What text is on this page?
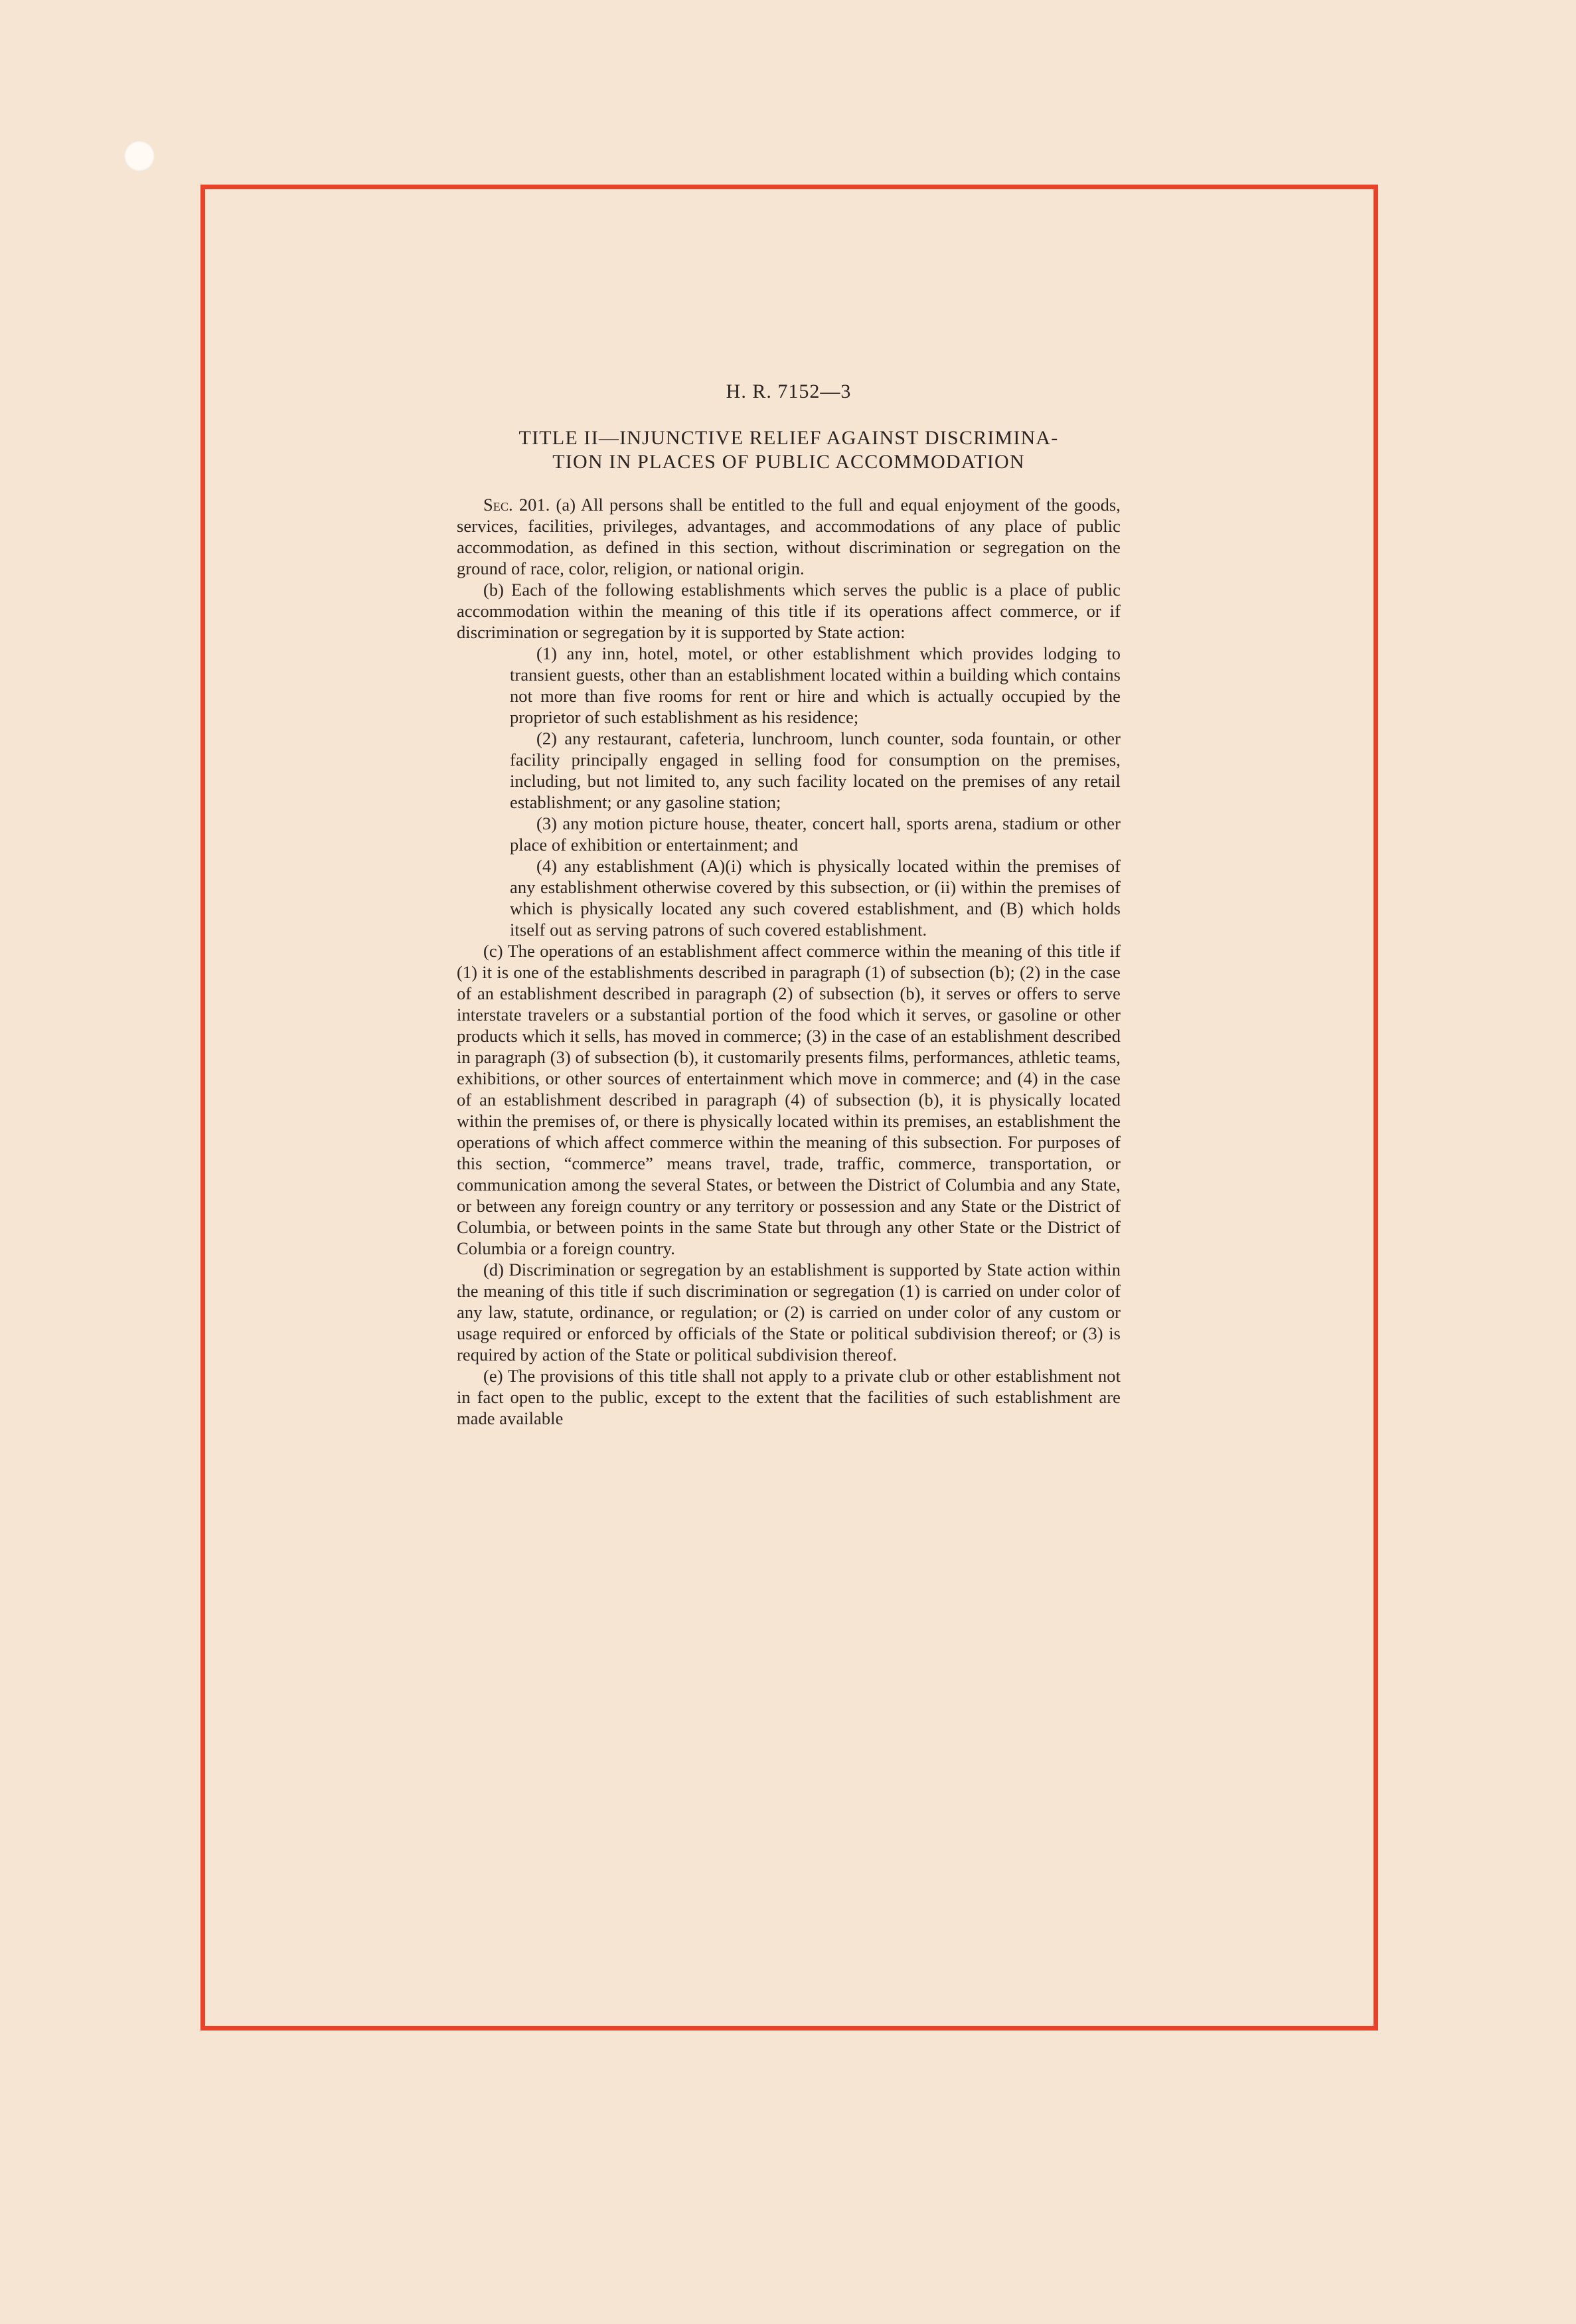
H. R. 7152—3
TITLE II—INJUNCTIVE RELIEF AGAINST DISCRIMINA-
TION IN PLACES OF PUBLIC ACCOMMODATION

Sec. 201. (a) All persons shall be entitled to the full and equal enjoyment of the goods, services, facilities, privileges, advantages, and accommodations of any place of public accommodation, as defined in this section, without discrimination or segregation on the ground of race, color, religion, or national origin.

(b) Each of the following establishments which serves the public is a place of public accommodation within the meaning of this title if its operations affect commerce, or if discrimination or segregation by it is supported by State action:

(1) any inn, hotel, motel, or other establishment which provides lodging to transient guests, other than an establishment located within a building which contains not more than five rooms for rent or hire and which is actually occupied by the proprietor of such establishment as his residence;

(2) any restaurant, cafeteria, lunchroom, lunch counter, soda fountain, or other facility principally engaged in selling food for consumption on the premises, including, but not limited to, any such facility located on the premises of any retail establishment; or any gasoline station;

(3) any motion picture house, theater, concert hall, sports arena, stadium or other place of exhibition or entertainment; and

(4) any establishment (A)(i) which is physically located within the premises of any establishment otherwise covered by this subsection, or (ii) within the premises of which is physically located any such covered establishment, and (B) which holds itself out as serving patrons of such covered establishment.

(c) The operations of an establishment affect commerce within the meaning of this title if (1) it is one of the establishments described in paragraph (1) of subsection (b); (2) in the case of an establishment described in paragraph (2) of subsection (b), it serves or offers to serve interstate travelers or a substantial portion of the food which it serves, or gasoline or other products which it sells, has moved in commerce; (3) in the case of an establishment described in paragraph (3) of subsection (b), it customarily presents films, performances, athletic teams, exhibitions, or other sources of entertainment which move in commerce; and (4) in the case of an establishment described in paragraph (4) of subsection (b), it is physically located within the premises of, or there is physically located within its premises, an establishment the operations of which affect commerce within the meaning of this subsection. For purposes of this section, “commerce” means travel, trade, traffic, commerce, transportation, or communication among the several States, or between the District of Columbia and any State, or between any foreign country or any territory or possession and any State or the District of Columbia, or between points in the same State but through any other State or the District of Columbia or a foreign country.

(d) Discrimination or segregation by an establishment is supported by State action within the meaning of this title if such discrimination or segregation (1) is carried on under color of any law, statute, ordinance, or regulation; or (2) is carried on under color of any custom or usage required or enforced by officials of the State or political subdivision thereof; or (3) is required by action of the State or political subdivision thereof.

(e) The provisions of this title shall not apply to a private club or other establishment not in fact open to the public, except to the extent that the facilities of such establishment are made available
